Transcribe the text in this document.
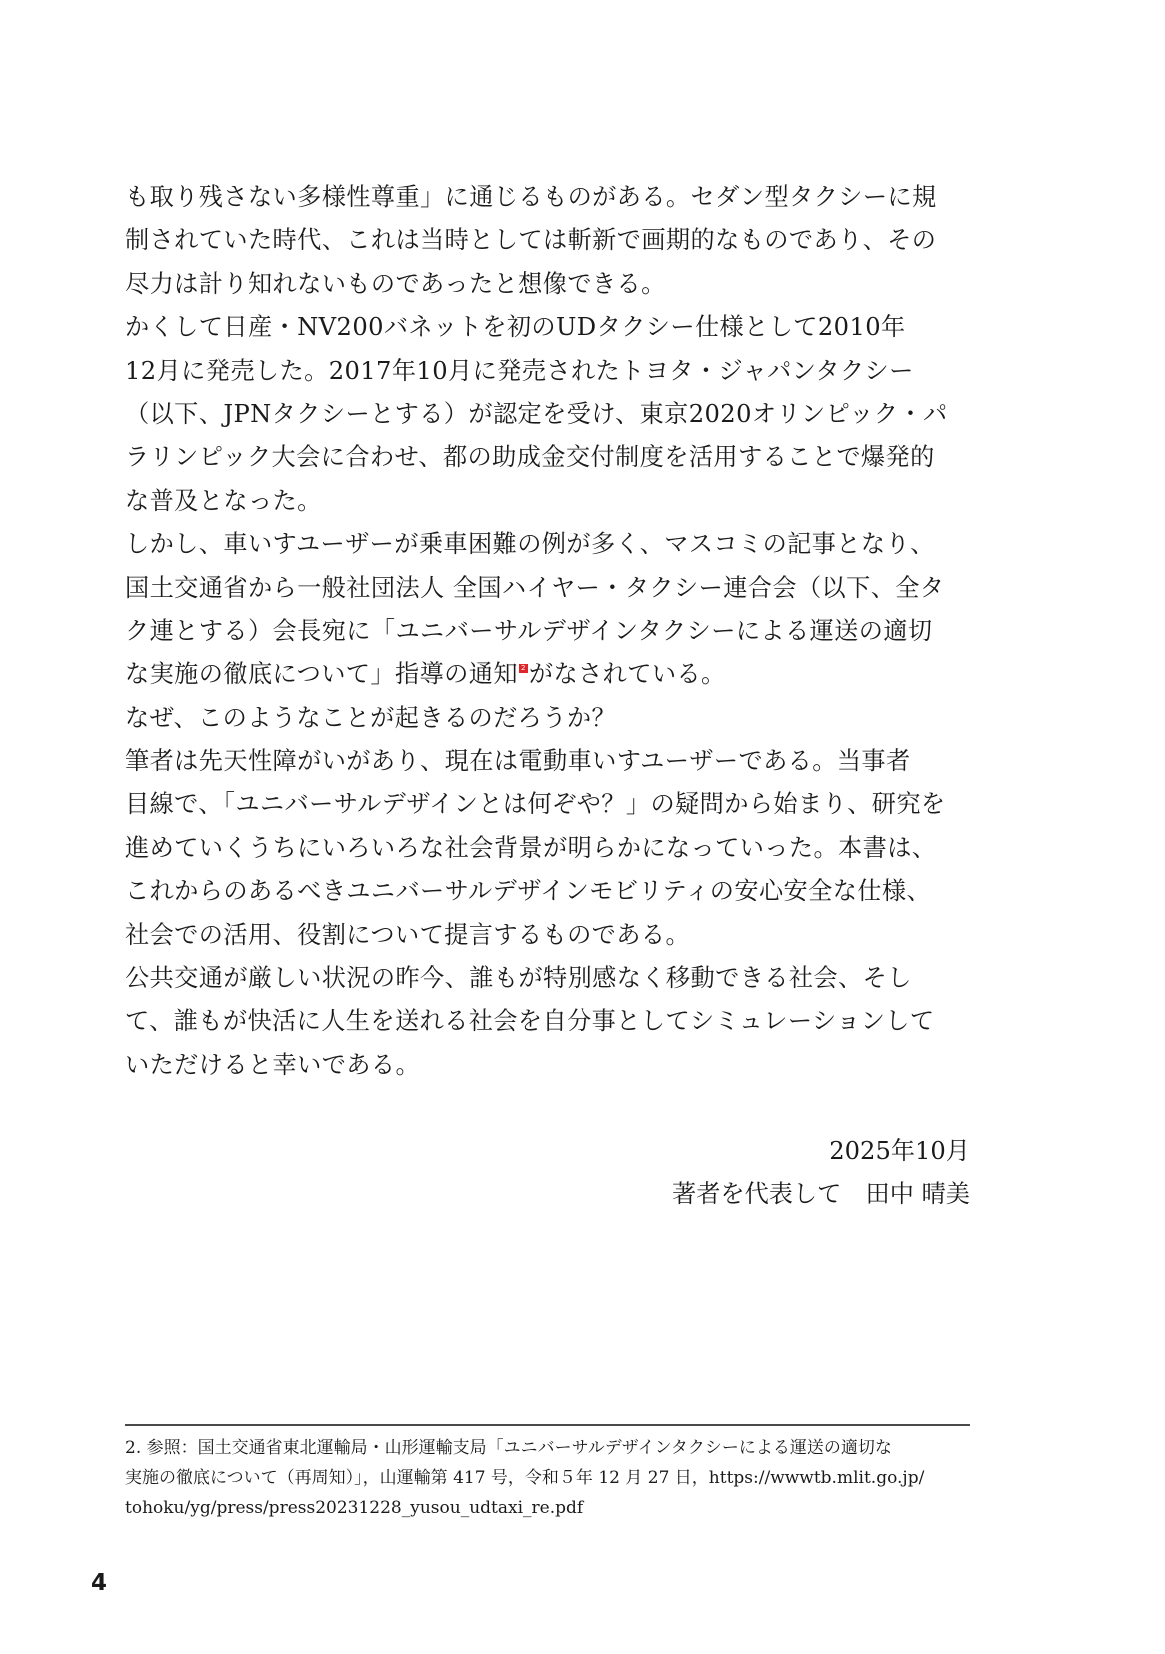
も取り残さない多様性尊重」に通じるものがある。セダン型タクシーに規
制されていた時代、これは当時としては斬新で画期的なものであり、その
尽力は計り知れないものであったと想像できる。
かくして日産・NV200バネットを初のUDタクシー仕様として2010年
12月に発売した。2017年10月に発売されたトヨタ・ジャパンタクシー
（以下、JPNタクシーとする）が認定を受け、東京2020オリンピック・パ
ラリンピック大会に合わせ、都の助成金交付制度を活用することで爆発的
な普及となった。
しかし、車いすユーザーが乗車困難の例が多く、マスコミの記事となり、
国土交通省から一般社団法人 全国ハイヤー・タクシー連合会（以下、全タ
ク連とする）会長宛に「ユニバーサルデザインタクシーによる運送の適切
な実施の徹底について」指導の通知 2 がなされている。
なぜ、このようなことが起きるのだろうか？
筆者は先天性障がいがあり、現在は電動車いすユーザーである。当事者
目線で、「ユニバーサルデザインとは何ぞや？」の疑問から始まり、研究を
進めていくうちにいろいろな社会背景が明らかになっていった。本書は、
これからのあるべきユニバーサルデザインモビリティの安心安全な仕様、
社会での活用、役割について提言するものである。
公共交通が厳しい状況の昨今、誰もが特別感なく移動できる社会、そし
て、誰もが快活に人生を送れる社会を自分事としてシミュレーションして
いただけると幸いである。
2025年10月
著者を代表して　田中 晴美
2. 参照：国土交通省東北運輸局・山形運輸支局「ユニバーサルデザインタクシーによる運送の適切な
実施の徹底について（再周知）」，山運輸第 417 号，令和５年 12 月 27 日，https://wwwtb.mlit.go.jp/
tohoku/yg/press/press20231228_yusou_udtaxi_re.pdf
4
